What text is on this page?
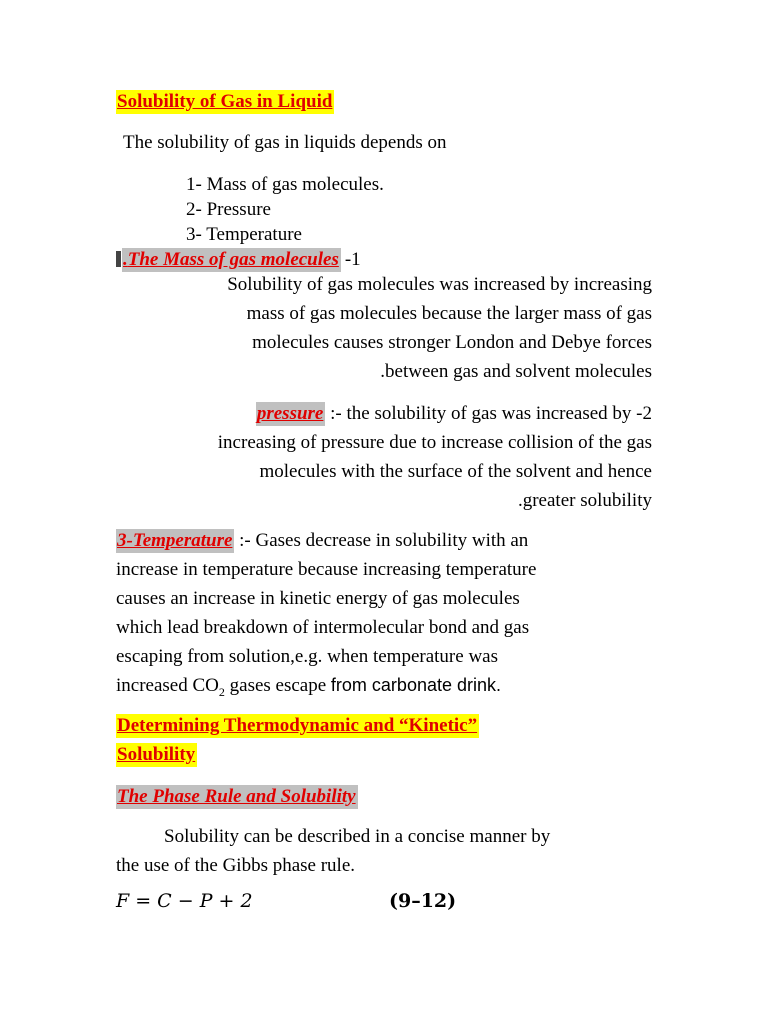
Solubility of Gas in Liquid
The solubility of gas in liquids depends on
1- Mass of gas molecules.
2- Pressure
3- Temperature
.The Mass of gas molecules -1
Solubility of gas molecules was increased by increasing
mass of gas molecules because the larger mass of gas
molecules causes stronger London and Debye forces
.between gas and solvent molecules
pressure :- the solubility of gas was increased by -2
increasing of pressure due to increase collision of the gas
molecules with the surface of the solvent and hence
.greater solubility
3-Temperature :- Gases decrease in solubility with an
increase in temperature because increasing temperature
causes an increase in kinetic energy of gas molecules
which lead breakdown of intermolecular bond and gas
escaping from solution,e.g. when temperature was
increased $CO_2$ gases escape from carbonate drink.
Determining Thermodynamic and “Kinetic”
Solubility
The Phase Rule and Solubility
Solubility can be described in a concise manner by
the use of the Gibbs phase rule.
F = C − P + 2	(9–12)
